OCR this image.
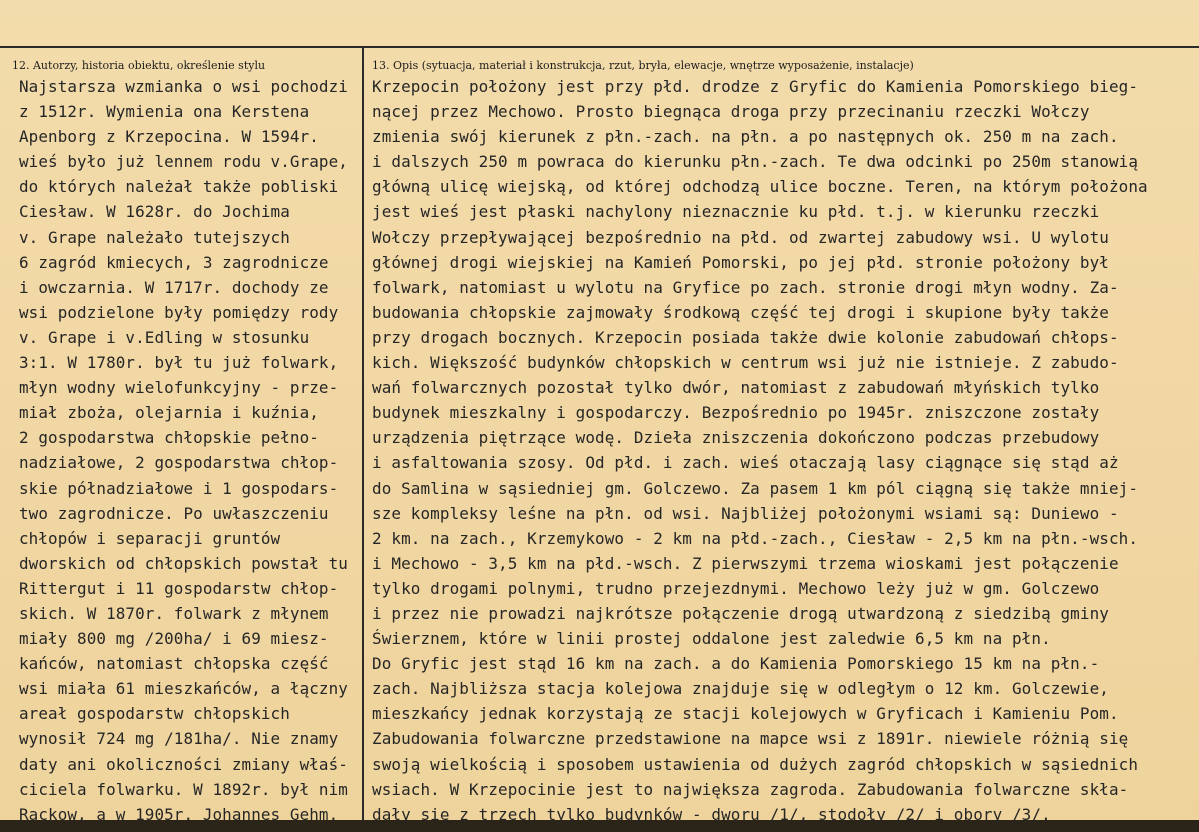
12. Autorzy, historia obiektu, określenie stylu	13. Opis (sytuacja, materiał i konstrukcja, rzut, bryła, elewacje, wnętrze wyposażenie, instalacje)
Najstarsza wzmianka o wsi pochodzi
z 1512r. Wymienia ona Kerstena
Apenborg z Krzepocina. W 1594r.
wieś było już lennem rodu v.Grape,
do których należał także pobliski
Ciesław. W 1628r. do Jochima
v. Grape należało tutejszych
6 zagród kmiecych, 3 zagrodnicze
i owczarnia. W 1717r. dochody ze
wsi podzielone były pomiędzy rody
v. Grape i v.Edling w stosunku
3:1. W 1780r. był tu już folwark,
młyn wodny wielofunkcyjny - prze-
miał zboża, olejarnia i kuźnia,
2 gospodarstwa chłopskie pełno-
nadziałowe, 2 gospodarstwa chłop-
skie półnadziałowe i 1 gospodars-
two zagrodnicze. Po uwłaszczeniu
chłopów i separacji gruntów
dworskich od chłopskich powstał tu
Rittergut i 11 gospodarstw chłop-
skich. W 1870r. folwark z młynem
miały 800 mg /200ha/ i 69 miesz-
kańców, natomiast chłopska część
wsi miała 61 mieszkańców, a łączny
areał gospodarstw chłopskich
wynosił 724 mg /181ha/. Nie znamy
daty ani okoliczności zmiany właś-
ciciela folwarku. W 1892r. był nim
Rackow, a w 1905r. Johannes Gehm.
Krzepocin położony jest przy płd. drodze z Gryfic do Kamienia Pomorskiego bieg-
nącej przez Mechowo. Prosto biegnąca droga przy przecinaniu rzeczki Wołczy
zmienia swój kierunek z płn.-zach. na płn. a po następnych ok. 250 m na zach.
i dalszych 250 m powraca do kierunku płn.-zach. Te dwa odcinki po 250m stanowią
główną ulicę wiejską, od której odchodzą ulice boczne. Teren, na którym położona
jest wieś jest płaski nachylony nieznacznie ku płd. t.j. w kierunku rzeczki
Wołczy przepływającej bezpośrednio na płd. od zwartej zabudowy wsi. U wylotu
głównej drogi wiejskiej na Kamień Pomorski, po jej płd. stronie położony był
folwark, natomiast u wylotu na Gryfice po zach. stronie drogi młyn wodny. Za-
budowania chłopskie zajmowały środkową część tej drogi i skupione były także
przy drogach bocznych. Krzepocin posiada także dwie kolonie zabudowań chłops-
kich. Większość budynków chłopskich w centrum wsi już nie istnieje. Z zabudo-
wań folwarcznych pozostał tylko dwór, natomiast z zabudowań młyńskich tylko
budynek mieszkalny i gospodarczy. Bezpośrednio po 1945r. zniszczone zostały
urządzenia piętrzące wodę. Dzieła zniszczenia dokończono podczas przebudowy
i asfaltowania szosy. Od płd. i zach. wieś otaczają lasy ciągnące się stąd aż
do Samlina w sąsiedniej gm. Golczewo. Za pasem 1 km pól ciągną się także mniej-
sze kompleksy leśne na płn. od wsi. Najbliżej położonymi wsiami są: Duniewo -
2 km. na zach., Krzemykowo - 2 km na płd.-zach., Ciesław - 2,5 km na płn.-wsch.
i Mechowo - 3,5 km na płd.-wsch. Z pierwszymi trzema wioskami jest połączenie
tylko drogami polnymi, trudno przejezdnymi. Mechowo leży już w gm. Golczewo
i przez nie prowadzi najkrótsze połączenie drogą utwardzoną z siedzibą gminy
Świerznem, które w linii prostej oddalone jest zaledwie 6,5 km na płn.
Do Gryfic jest stąd 16 km na zach. a do Kamienia Pomorskiego 15 km na płn.-
zach. Najbliższa stacja kolejowa znajduje się w odległym o 12 km. Golczewie,
mieszkańcy jednak korzystają ze stacji kolejowych w Gryficach i Kamieniu Pom.
Zabudowania folwarczne przedstawione na mapce wsi z 1891r. niewiele różnią się
swoją wielkością i sposobem ustawienia od dużych zagród chłopskich w sąsiednich
wsiach. W Krzepocinie jest to największa zagroda. Zabudowania folwarczne skła-
dały się z trzech tylko budynków - dworu /1/, stodoły /2/ i obory /3/.
